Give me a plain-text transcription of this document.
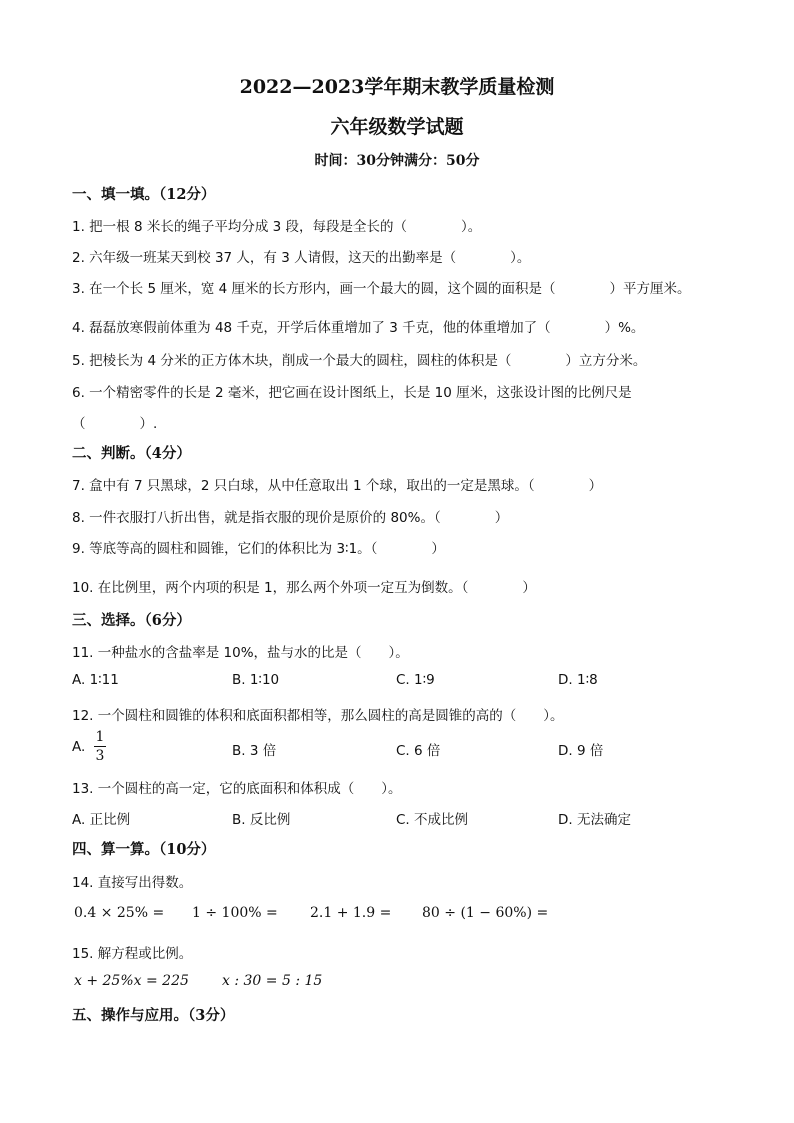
2022—2023学年期末教学质量检测
六年级数学试题
时间：30分钟满分：50分
一、填一填。（12分）
1. 把一根 8 米长的绳子平均分成 3 段，每段是全长的（　　　　）。
2. 六年级一班某天到校 37 人，有 3 人请假，这天的出勤率是（　　　　）。
3. 在一个长 5 厘米，宽 4 厘米的长方形内，画一个最大的圆，这个圆的面积是（　　　　）平方厘米。
4. 磊磊放寒假前体重为 48 千克，开学后体重增加了 3 千克，他的体重增加了（　　　　）%。
5. 把棱长为 4 分米的正方体木块，削成一个最大的圆柱，圆柱的体积是（　　　　）立方分米。
6. 一个精密零件的长是 2 毫米，把它画在设计图纸上，长是 10 厘米，这张设计图的比例尺是
（　　　　）.
二、判断。（4分）
7. 盒中有 7 只黑球，2 只白球，从中任意取出 1 个球，取出的一定是黑球。（　　　　）
8. 一件衣服打八折出售，就是指衣服的现价是原价的 80%。（　　　　）
9. 等底等高的圆柱和圆锥，它们的体积比为 3∶1。（　　　　）
10. 在比例里，两个内项的积是 1，那么两个外项一定互为倒数。（　　　　）
三、选择。（6分）
11. 一种盐水的含盐率是 10%，盐与水的比是（　　）。
A. 1∶11	B. 1∶10	C. 1∶9	D. 1∶8
12. 一个圆柱和圆锥的体积和底面积都相等，那么圆柱的高是圆锥的高的（　　）。
A.
1
3	B. 3 倍	C. 6 倍	D. 9 倍
13. 一个圆柱的高一定，它的底面积和体积成（　　）。
A. 正比例	B. 反比例	C. 不成比例	D. 无法确定
四、算一算。（10分）
14. 直接写出得数。
0.4 × 25% = 1 ÷ 100% = 2.1 + 1.9 = 80 ÷ (1 − 60%) =
15. 解方程或比例。
x + 25%x = 225 x : 30 = 5 : 15
五、操作与应用。（3分）
